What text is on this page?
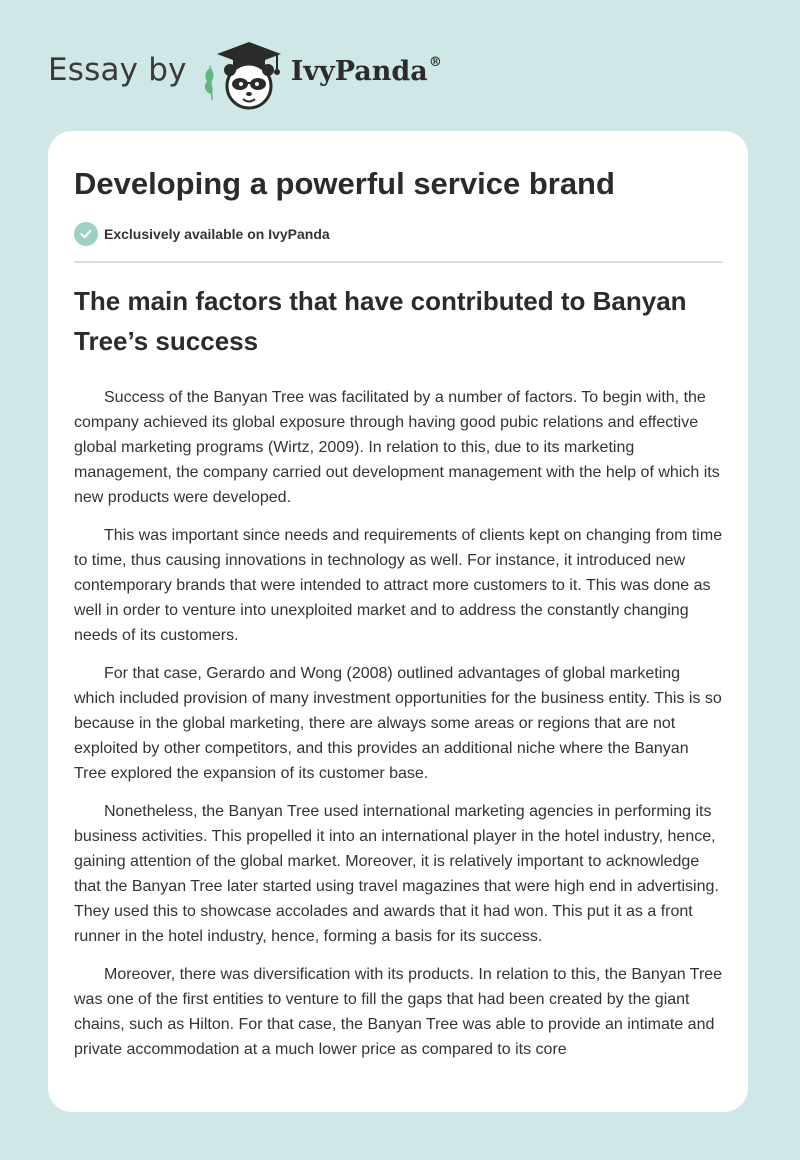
Essay by	IvyPanda®
Developing a powerful service brand
Exclusively available on IvyPanda
The main factors that have contributed to Banyan Tree’s success

Success of the Banyan Tree was facilitated by a number of factors. To begin with, the company achieved its global exposure through having good pubic relations and effective global marketing programs (Wirtz, 2009). In relation to this, due to its marketing management, the company carried out development management with the help of which its new products were developed.

This was important since needs and requirements of clients kept on changing from time to time, thus causing innovations in technology as well. For instance, it introduced new contemporary brands that were intended to attract more customers to it. This was done as well in order to venture into unexploited market and to address the constantly changing needs of its customers.

For that case, Gerardo and Wong (2008) outlined advantages of global marketing which included provision of many investment opportunities for the business entity. This is so because in the global marketing, there are always some areas or regions that are not exploited by other competitors, and this provides an additional niche where the Banyan Tree explored the expansion of its customer base.

Nonetheless, the Banyan Tree used international marketing agencies in performing its business activities. This propelled it into an international player in the hotel industry, hence, gaining attention of the global market. Moreover, it is relatively important to acknowledge that the Banyan Tree later started using travel magazines that were high end in advertising. They used this to showcase accolades and awards that it had won. This put it as a front runner in the hotel industry, hence, forming a basis for its success.

Moreover, there was diversification with its products. In relation to this, the Banyan Tree was one of the first entities to venture to fill the gaps that had been created by the giant chains, such as Hilton. For that case, the Banyan Tree was able to provide an intimate and private accommodation at a much lower price as compared to its core
